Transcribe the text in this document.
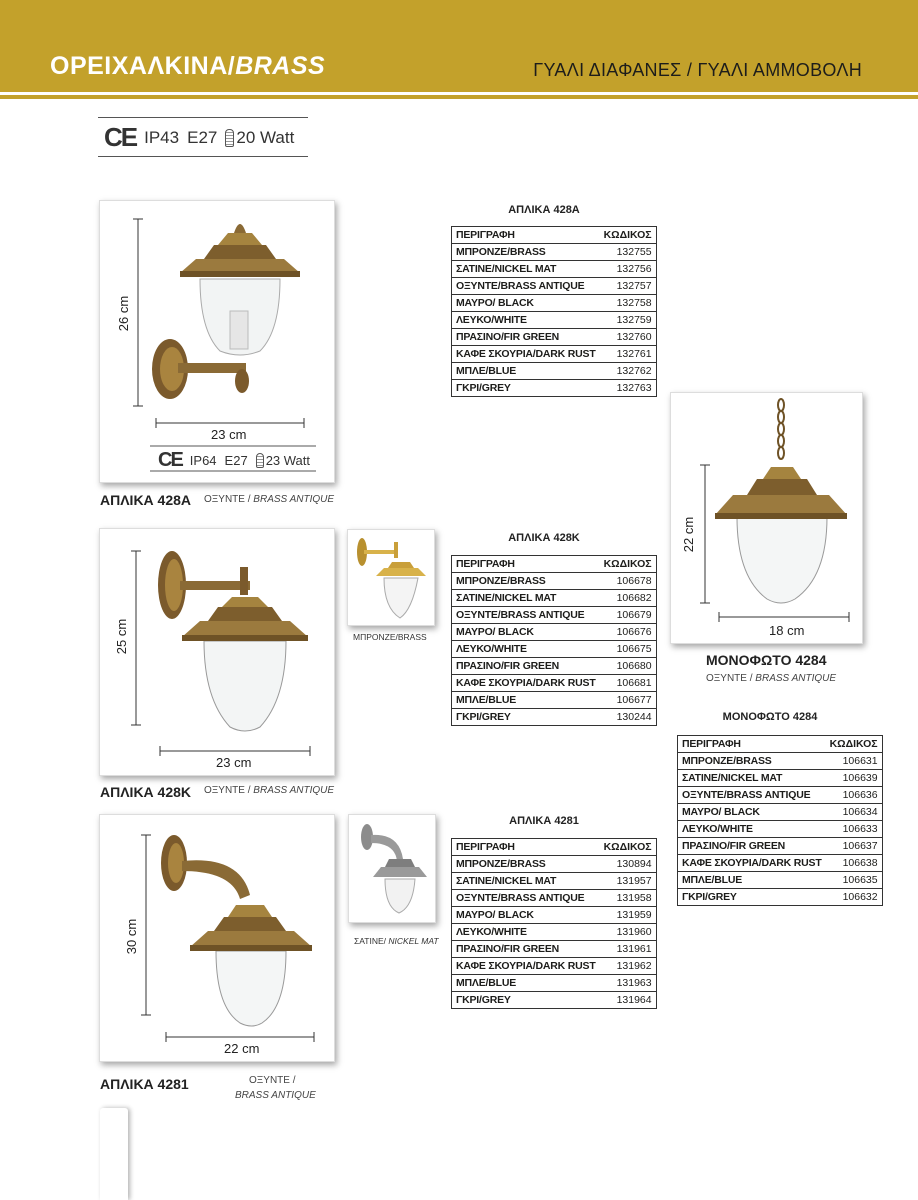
ΟΡΕΙΧΑΛΚΙΝΑ/BRASS	ΓΥΑΛΙ ΔΙΑΦΑΝΕΣ / ΓΥΑΛΙ ΑΜΜΟΒΟΛΗ
CE IP43 E27 20 Watt
26 cm
23 cm
CE IP64 E27 23 Watt
ΑΠΛΙΚΑ 428Α ΟΞΥΝΤΕ / BRASS ANTIQUE
ΑΠΛΙΚΑ 428Α
ΠΕΡΙΓΡΑΦΗ	ΚΩΔΙΚΟΣ
ΜΠΡΟΝΖΕ/BRASS	132755
ΣΑΤΙΝΕ/NICKEL MAT	132756
ΟΞΥΝΤΕ/BRASS ANTIQUE	132757
ΜΑΥΡΟ/ BLACK	132758
ΛΕΥΚΟ/WHITE	132759
ΠΡΑΣΙΝΟ/FIR GREEN	132760
ΚΑΦΕ ΣΚΟΥΡΙΑ/DARK RUST	132761
ΜΠΛΕ/BLUE	132762
ΓΚΡΙ/GREY	132763
25 cm
23 cm
ΜΠΡΟΝΖΕ/BRASS
ΑΠΛΙΚΑ 428Κ ΟΞΥΝΤΕ / BRASS ANTIQUE
ΑΠΛΙΚΑ 428Κ
ΠΕΡΙΓΡΑΦΗ	ΚΩΔΙΚΟΣ
ΜΠΡΟΝΖΕ/BRASS	106678
ΣΑΤΙΝΕ/NICKEL MAT	106682
ΟΞΥΝΤΕ/BRASS ANTIQUE	106679
ΜΑΥΡΟ/ BLACK	106676
ΛΕΥΚΟ/WHITE	106675
ΠΡΑΣΙΝΟ/FIR GREEN	106680
ΚΑΦΕ ΣΚΟΥΡΙΑ/DARK RUST	106681
ΜΠΛΕ/BLUE	106677
ΓΚΡΙ/GREY	130244
30 cm
22 cm
ΣΑΤΙΝΕ/ NICKEL MAT
ΑΠΛΙΚΑ 4281	ΟΞΥΝΤΕ /
BRASS ANTIQUE
ΑΠΛΙΚΑ 4281
ΠΕΡΙΓΡΑΦΗ	ΚΩΔΙΚΟΣ
ΜΠΡΟΝΖΕ/BRASS	130894
ΣΑΤΙΝΕ/NICKEL MAT	131957
ΟΞΥΝΤΕ/BRASS ANTIQUE	131958
ΜΑΥΡΟ/ BLACK	131959
ΛΕΥΚΟ/WHITE	131960
ΠΡΑΣΙΝΟ/FIR GREEN	131961
ΚΑΦΕ ΣΚΟΥΡΙΑ/DARK RUST	131962
ΜΠΛΕ/BLUE	131963
ΓΚΡΙ/GREY	131964
22 cm
18 cm
ΜΟΝΟΦΩΤΟ 4284
ΟΞΥΝΤΕ / BRASS ANTIQUE
ΜΟΝΟΦΩΤΟ 4284
ΠΕΡΙΓΡΑΦΗ	ΚΩΔΙΚΟΣ
ΜΠΡΟΝΖΕ/BRASS	106631
ΣΑΤΙΝΕ/NICKEL MAT	106639
ΟΞΥΝΤΕ/BRASS ANTIQUE	106636
ΜΑΥΡΟ/ BLACK	106634
ΛΕΥΚΟ/WHITE	106633
ΠΡΑΣΙΝΟ/FIR GREEN	106637
ΚΑΦΕ ΣΚΟΥΡΙΑ/DARK RUST	106638
ΜΠΛΕ/BLUE	106635
ΓΚΡΙ/GREY	106632
